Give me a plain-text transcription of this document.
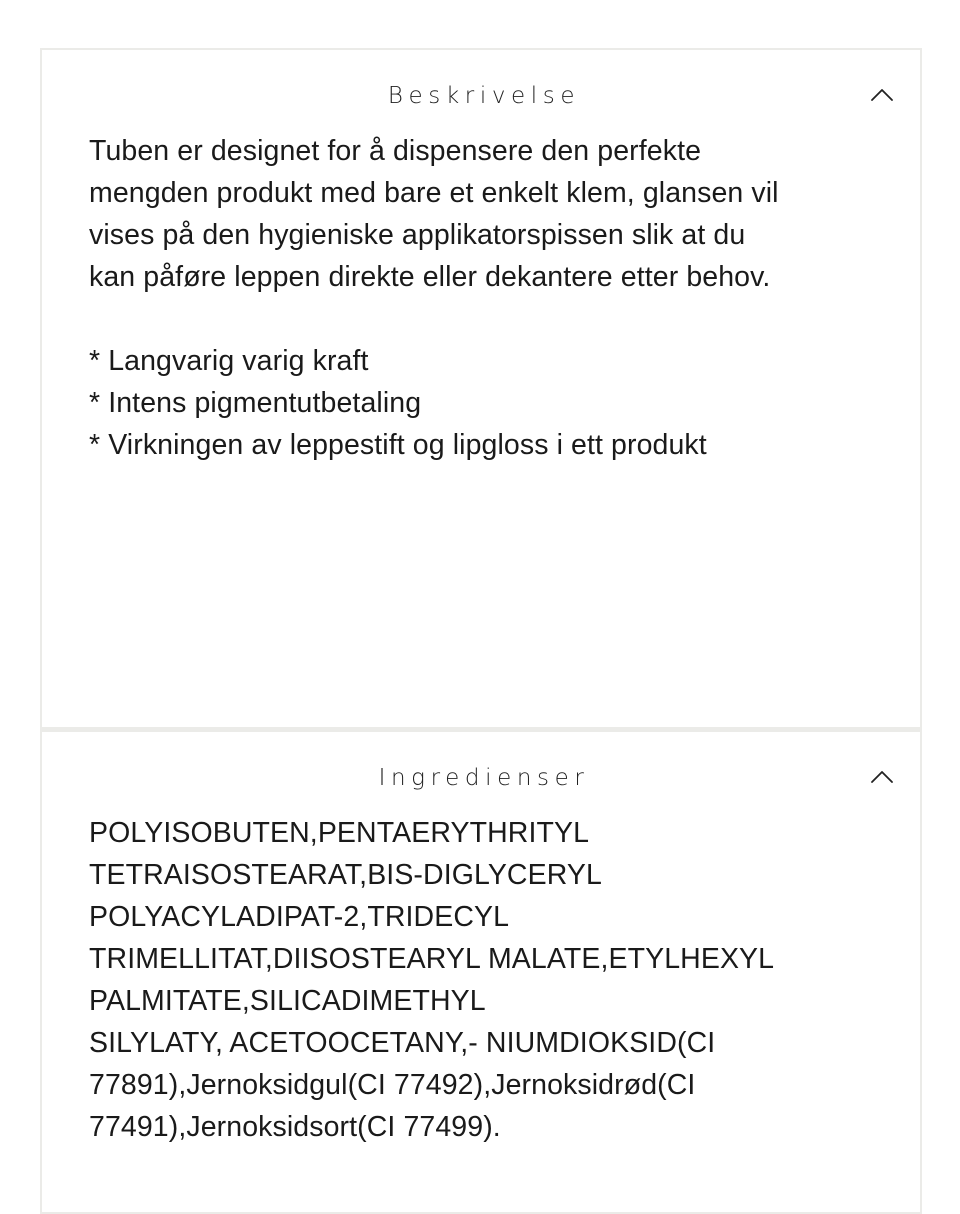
Beskrivelse

Tuben er designet for å dispensere den perfekte

mengden produkt med bare et enkelt klem, glansen vil

vises på den hygieniske applikatorspissen slik at du

kan påføre leppen direkte eller dekantere etter behov.

* Langvarig varig kraft

* Intens pigmentutbetaling

* Virkningen av leppestift og lipgloss i ett produkt

Ingredienser

POLYISOBUTEN,PENTAERYTHRITYL

TETRAISOSTEARAT,BIS-DIGLYCERYL

POLYACYLADIPAT-2,TRIDECYL

TRIMELLITAT,DIISOSTEARYL MALATE,ETYLHEXYL

PALMITATE,SILICADIMETHYL

SILYLATY, ACETOOCETANY,- NIUMDIOKSID(CI

77891),Jernoksidgul(CI 77492),Jernoksidrød(CI

77491),Jernoksidsort(CI 77499).
